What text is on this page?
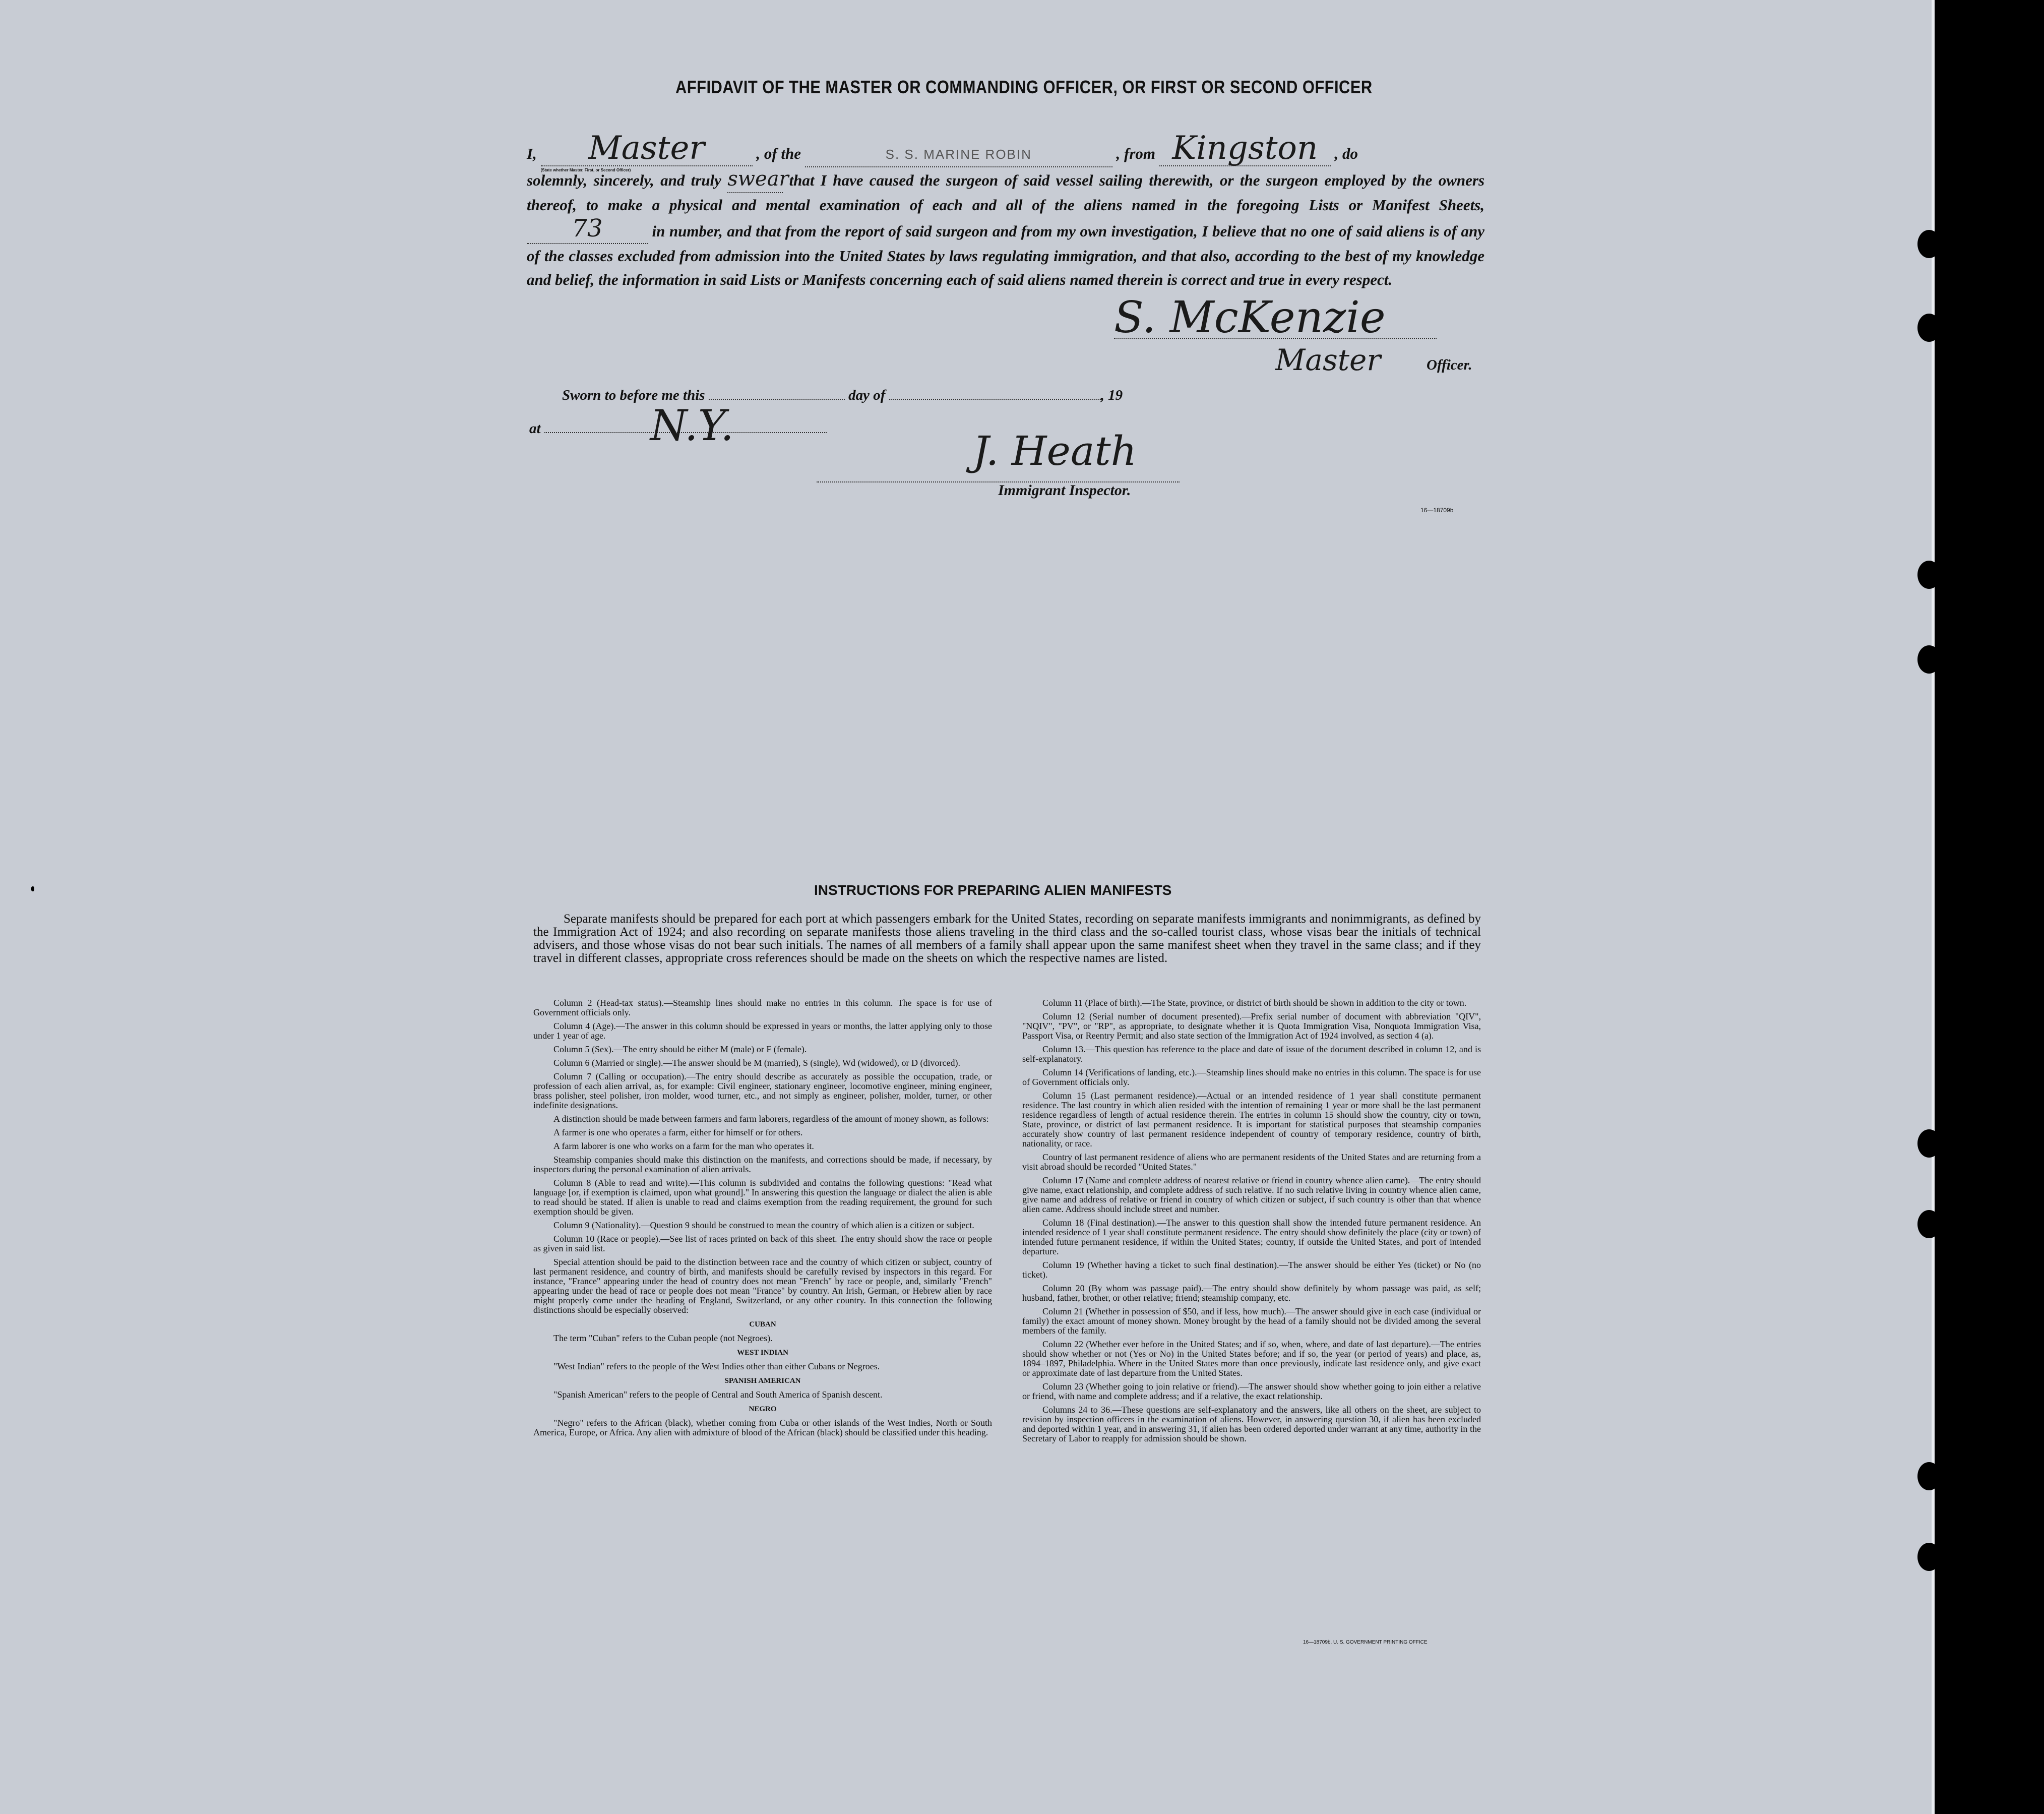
AFFIDAVIT OF THE MASTER OR COMMANDING OFFICER, OR FIRST OR SECOND OFFICER
I, Master
(State whether Master, First, or Second Officer)
, of the	S. S. MARINE ROBIN	, from Kingston , do
solemnly, sincerely, and truly swear that I have caused the surgeon of said vessel sailing therewith, or the surgeon employed by the owners thereof, to make a physical and mental examination of each and all of the aliens named in the foregoing Lists or Manifest Sheets, 73	in number, and that from the report of said surgeon and from my own investigation, I believe that no one of said aliens is of any of the classes excluded from admission into the United States by laws regulating immigration, and that also, according to the best of my knowledge and belief, the information in said Lists or Manifests concerning each of said aliens named therein is correct and true in every respect.
S. McKenzie
Master	Officer.
Sworn to before me this	day of	, 19
at	N.Y.
J. Heath
Immigrant Inspector.
16—18709b
INSTRUCTIONS FOR PREPARING ALIEN MANIFESTS
Separate manifests should be prepared for each port at which passengers embark for the United States, recording on separate manifests immigrants and nonimmigrants, as defined by the Immigration Act of 1924; and also recording on separate manifests those aliens traveling in the third class and the so-called tourist class, whose visas bear the initials of technical advisers, and those whose visas do not bear such initials. The names of all members of a family shall appear upon the same manifest sheet when they travel in the same class; and if they travel in different classes, appropriate cross references should be made on the sheets on which the respective names are listed.

Column 2 (Head-tax status).—Steamship lines should make no entries in this column. The space is for use of Government officials only.

Column 4 (Age).—The answer in this column should be expressed in years or months, the latter applying only to those under 1 year of age.

Column 5 (Sex).—The entry should be either M (male) or F (female).

Column 6 (Married or single).—The answer should be M (married), S (single), Wd (widowed), or D (divorced).

Column 7 (Calling or occupation).—The entry should describe as accurately as possible the occupation, trade, or profession of each alien arrival, as, for example: Civil engineer, stationary engineer, locomotive engineer, mining engineer, brass polisher, steel polisher, iron molder, wood turner, etc., and not simply as engineer, polisher, molder, turner, or other indefinite designations.

A distinction should be made between farmers and farm laborers, regardless of the amount of money shown, as follows:

A farmer is one who operates a farm, either for himself or for others.

A farm laborer is one who works on a farm for the man who operates it.

Steamship companies should make this distinction on the manifests, and corrections should be made, if necessary, by inspectors during the personal examination of alien arrivals.

Column 8 (Able to read and write).—This column is subdivided and contains the following questions: "Read what language [or, if exemption is claimed, upon what ground]." In answering this question the language or dialect the alien is able to read should be stated. If alien is unable to read and claims exemption from the reading requirement, the ground for such exemption should be given.

Column 9 (Nationality).—Question 9 should be construed to mean the country of which alien is a citizen or subject.

Column 10 (Race or people).—See list of races printed on back of this sheet. The entry should show the race or people as given in said list.

Special attention should be paid to the distinction between race and the country of which citizen or subject, country of last permanent residence, and country of birth, and manifests should be carefully revised by inspectors in this regard. For instance, "France" appearing under the head of country does not mean "French" by race or people, and, similarly "French" appearing under the head of race or people does not mean "France" by country. An Irish, German, or Hebrew alien by race might properly come under the heading of England, Switzerland, or any other country. In this connection the following distinctions should be especially observed:

CUBAN

The term "Cuban" refers to the Cuban people (not Negroes).

WEST INDIAN

"West Indian" refers to the people of the West Indies other than either Cubans or Negroes.

SPANISH AMERICAN

"Spanish American" refers to the people of Central and South America of Spanish descent.

NEGRO

"Negro" refers to the African (black), whether coming from Cuba or other islands of the West Indies, North or South America, Europe, or Africa. Any alien with admixture of blood of the African (black) should be classified under this heading.

Column 11 (Place of birth).—The State, province, or district of birth should be shown in addition to the city or town.

Column 12 (Serial number of document presented).—Prefix serial number of document with abbreviation "QIV", "NQIV", "PV", or "RP", as appropriate, to designate whether it is Quota Immigration Visa, Nonquota Immigration Visa, Passport Visa, or Reentry Permit; and also state section of the Immigration Act of 1924 involved, as section 4 (a).

Column 13.—This question has reference to the place and date of issue of the document described in column 12, and is self-explanatory.

Column 14 (Verifications of landing, etc.).—Steamship lines should make no entries in this column. The space is for use of Government officials only.

Column 15 (Last permanent residence).—Actual or an intended residence of 1 year shall constitute permanent residence. The last country in which alien resided with the intention of remaining 1 year or more shall be the last permanent residence regardless of length of actual residence therein. The entries in column 15 should show the country, city or town, State, province, or district of last permanent residence. It is important for statistical purposes that steamship companies accurately show country of last permanent residence independent of country of temporary residence, country of birth, nationality, or race.

Country of last permanent residence of aliens who are permanent residents of the United States and are returning from a visit abroad should be recorded "United States."

Column 17 (Name and complete address of nearest relative or friend in country whence alien came).—The entry should give name, exact relationship, and complete address of such relative. If no such relative living in country whence alien came, give name and address of relative or friend in country of which citizen or subject, if such country is other than that whence alien came. Address should include street and number.

Column 18 (Final destination).—The answer to this question shall show the intended future permanent residence. An intended residence of 1 year shall constitute permanent residence. The entry should show definitely the place (city or town) of intended future permanent residence, if within the United States; country, if outside the United States, and port of intended departure.

Column 19 (Whether having a ticket to such final destination).—The answer should be either Yes (ticket) or No (no ticket).

Column 20 (By whom was passage paid).—The entry should show definitely by whom passage was paid, as self; husband, father, brother, or other relative; friend; steamship company, etc.

Column 21 (Whether in possession of $50, and if less, how much).—The answer should give in each case (individual or family) the exact amount of money shown. Money brought by the head of a family should not be divided among the several members of the family.

Column 22 (Whether ever before in the United States; and if so, when, where, and date of last departure).—The entries should show whether or not (Yes or No) in the United States before; and if so, the year (or period of years) and place, as, 1894–1897, Philadelphia. Where in the United States more than once previously, indicate last residence only, and give exact or approximate date of last departure from the United States.

Column 23 (Whether going to join relative or friend).—The answer should show whether going to join either a relative or friend, with name and complete address; and if a relative, the exact relationship.

Columns 24 to 36.—These questions are self-explanatory and the answers, like all others on the sheet, are subject to revision by inspection officers in the examination of aliens. However, in answering question 30, if alien has been excluded and deported within 1 year, and in answering 31, if alien has been ordered deported under warrant at any time, authority in the Secretary of Labor to reapply for admission should be shown.

16—18709b. U. S. GOVERNMENT PRINTING OFFICE
